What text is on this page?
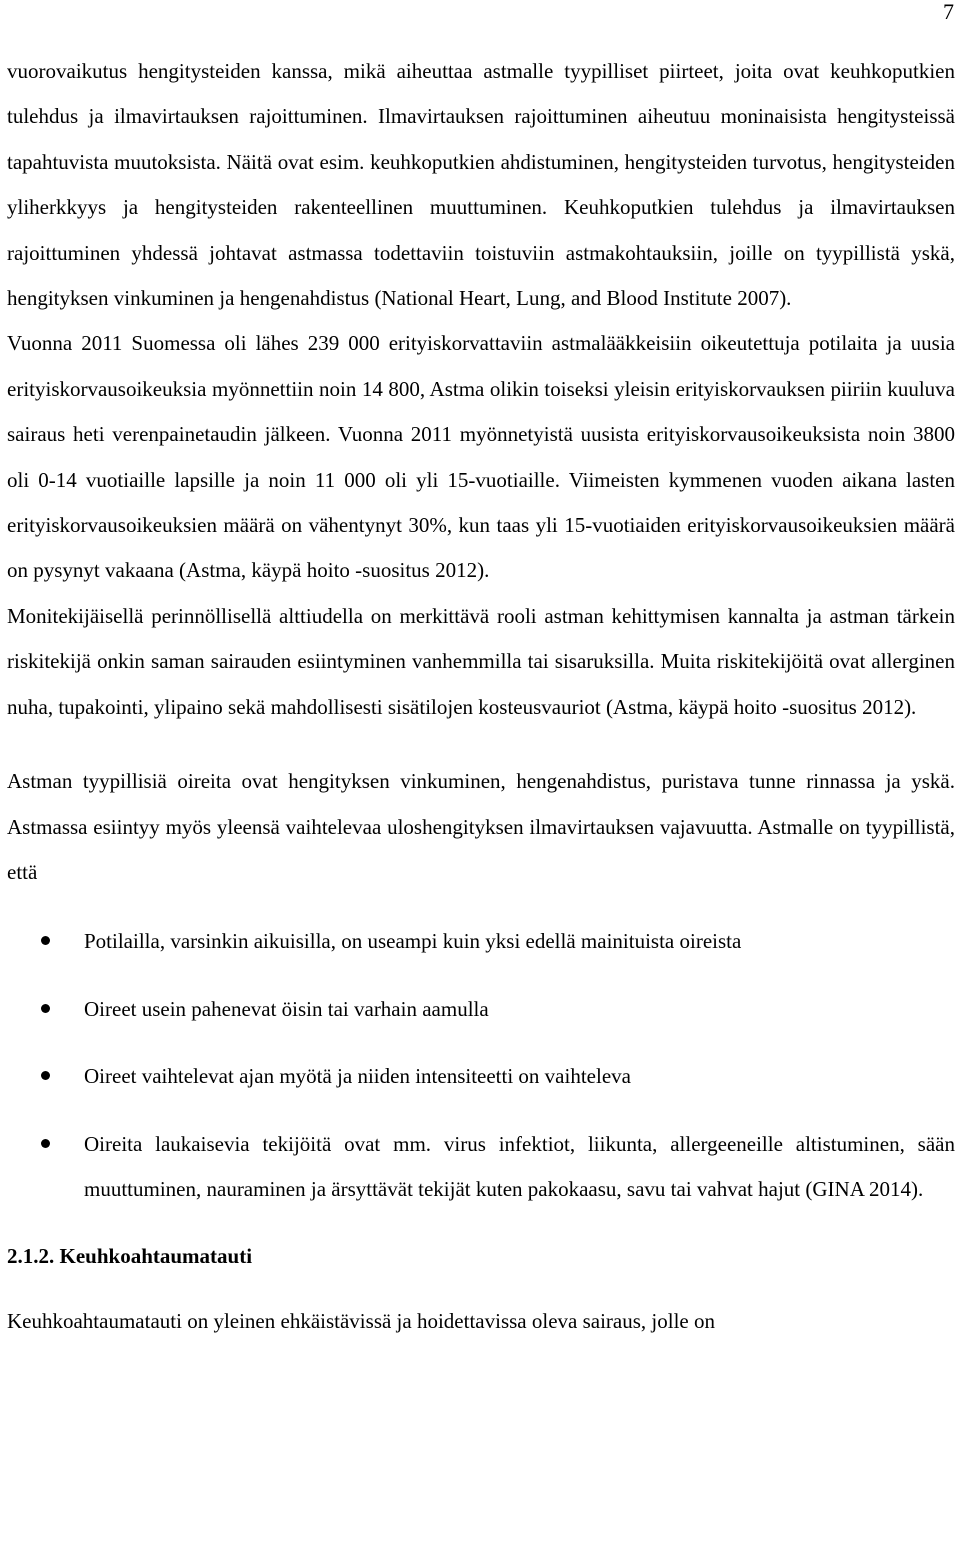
7

vuorovaikutus hengitysteiden kanssa, mikä aiheuttaa astmalle tyypilliset piirteet, joita ovat keuhkoputkien tulehdus ja ilmavirtauksen rajoittuminen. Ilmavirtauksen rajoittuminen aiheutuu moninaisista hengitysteissä tapahtuvista muutoksista. Näitä ovat esim. keuhkoputkien ahdistuminen, hengitysteiden turvotus, hengitysteiden yliherkkyys ja hengitysteiden rakenteellinen muuttuminen. Keuhkoputkien tulehdus ja ilmavirtauksen rajoittuminen yhdessä johtavat astmassa todettaviin toistuviin astmakohtauksiin, joille on tyypillistä yskä, hengityksen vinkuminen ja hengenahdistus (National Heart, Lung, and Blood Institute 2007).

Vuonna 2011 Suomessa oli lähes 239 000 erityiskorvattaviin astmalääkkeisiin oikeutettuja potilaita ja uusia erityiskorvausoikeuksia myönnettiin noin 14 800, Astma olikin toiseksi yleisin erityiskorvauksen piiriin kuuluva sairaus heti verenpainetaudin jälkeen. Vuonna 2011 myönnetyistä uusista erityiskorvausoikeuksista noin 3800 oli 0-14 vuotiaille lapsille ja noin 11 000 oli yli 15-vuotiaille. Viimeisten kymmenen vuoden aikana lasten erityiskorvausoikeuksien määrä on vähentynyt 30%, kun taas yli 15-vuotiaiden erityiskorvausoikeuksien määrä on pysynyt vakaana (Astma, käypä hoito -suositus 2012).

Monitekijäisellä perinnöllisellä alttiudella on merkittävä rooli astman kehittymisen kannalta ja astman tärkein riskitekijä onkin saman sairauden esiintyminen vanhemmilla tai sisaruksilla. Muita riskitekijöitä ovat allerginen nuha, tupakointi, ylipaino sekä mahdollisesti sisätilojen kosteusvauriot (Astma, käypä hoito -suositus 2012).

Astman tyypillisiä oireita ovat hengityksen vinkuminen, hengenahdistus, puristava tunne rinnassa ja yskä. Astmassa esiintyy myös yleensä vaihtelevaa uloshengityksen ilmavirtauksen vajavuutta. Astmalle on tyypillistä, että

Potilailla, varsinkin aikuisilla, on useampi kuin yksi edellä mainituista oireista
Oireet usein pahenevat öisin tai varhain aamulla
Oireet vaihtelevat ajan myötä ja niiden intensiteetti on vaihteleva
Oireita laukaisevia tekijöitä ovat mm. virus infektiot, liikunta, allergeeneille altistuminen, sään muuttuminen, nauraminen ja ärsyttävät tekijät kuten pakokaasu, savu tai vahvat hajut (GINA 2014).
2.1.2. Keuhkoahtaumatauti

Keuhkoahtaumatauti on yleinen ehkäistävissä ja hoidettavissa oleva sairaus, jolle on
